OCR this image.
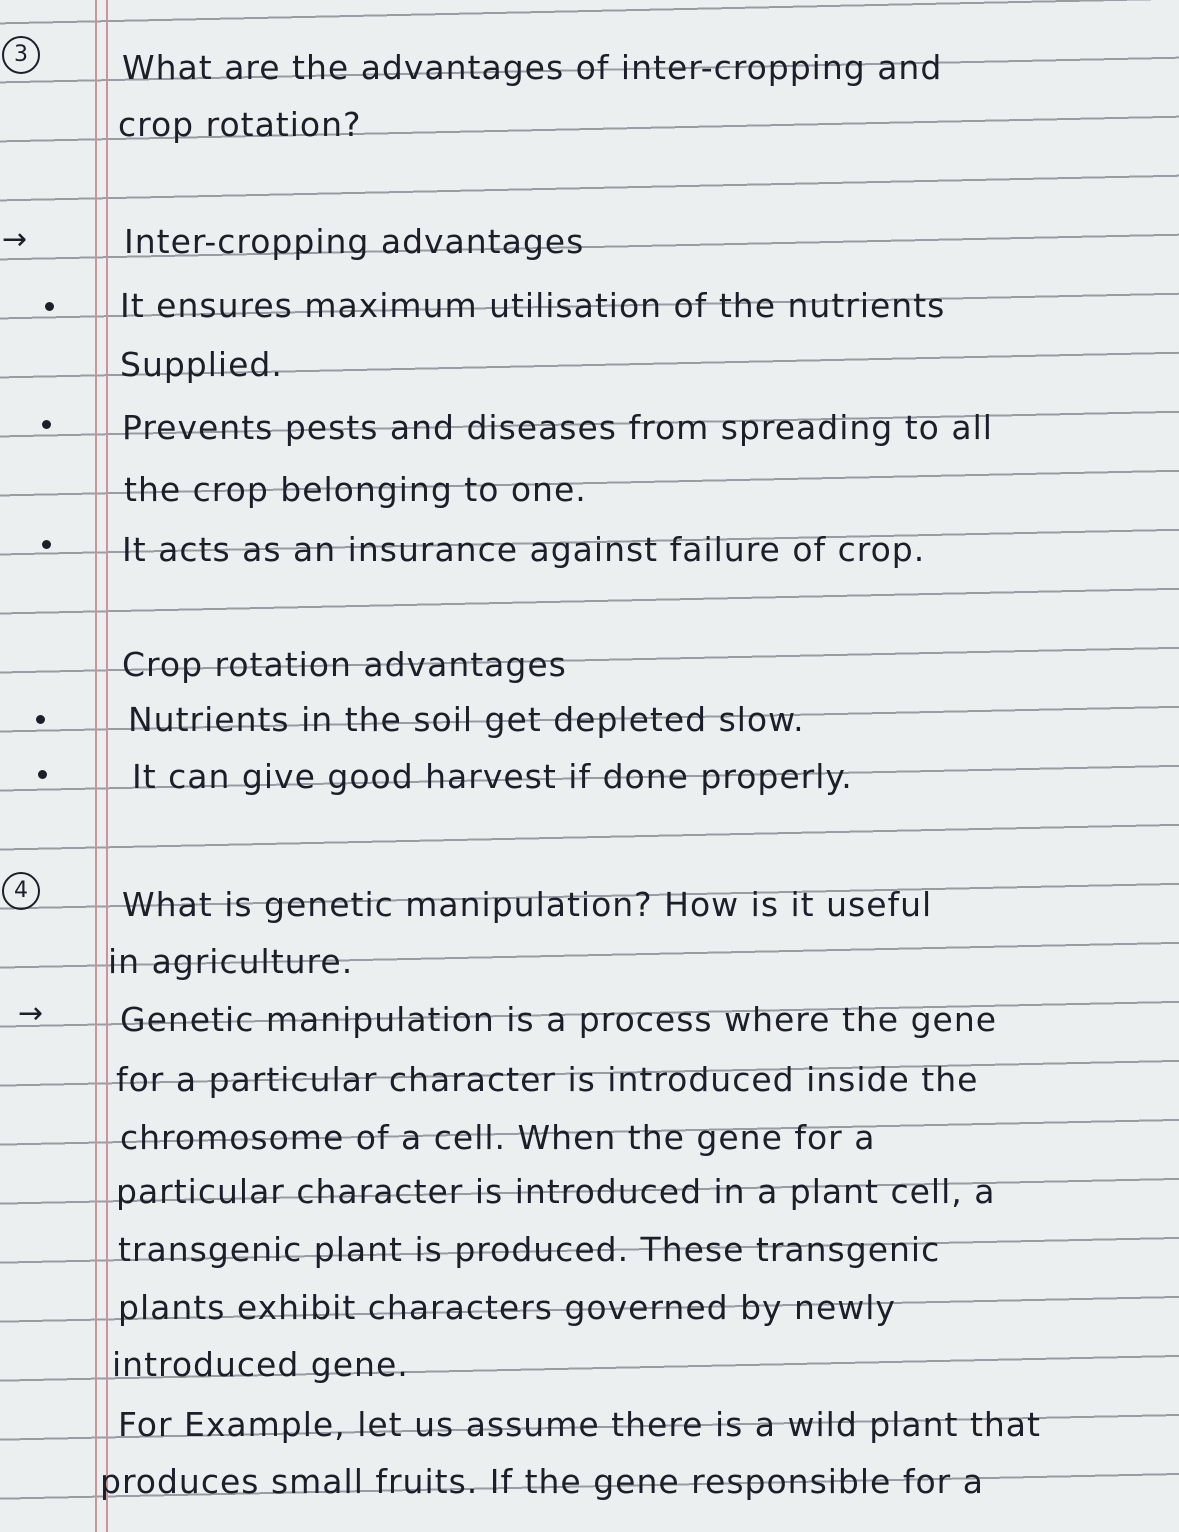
3	What are the advantages of inter-cropping and
crop rotation?
→	Inter-cropping advantages
It ensures maximum utilisation of the nutrients
Supplied.
Prevents pests and diseases from spreading to all
the crop belonging to one.
It acts as an insurance against failure of crop.
Crop rotation advantages
Nutrients in the soil get depleted slow.
It can give good harvest if done properly.
4	What is genetic manipulation? How is it useful
in agriculture.
→ Genetic manipulation is a process where the gene
for a particular character is introduced inside the
chromosome of a cell. When the gene for a
particular character is introduced in a plant cell, a
transgenic plant is produced. These transgenic
plants exhibit characters governed by newly
introduced gene.
For Example, let us assume there is a wild plant that
produces small fruits. If the gene responsible for a
